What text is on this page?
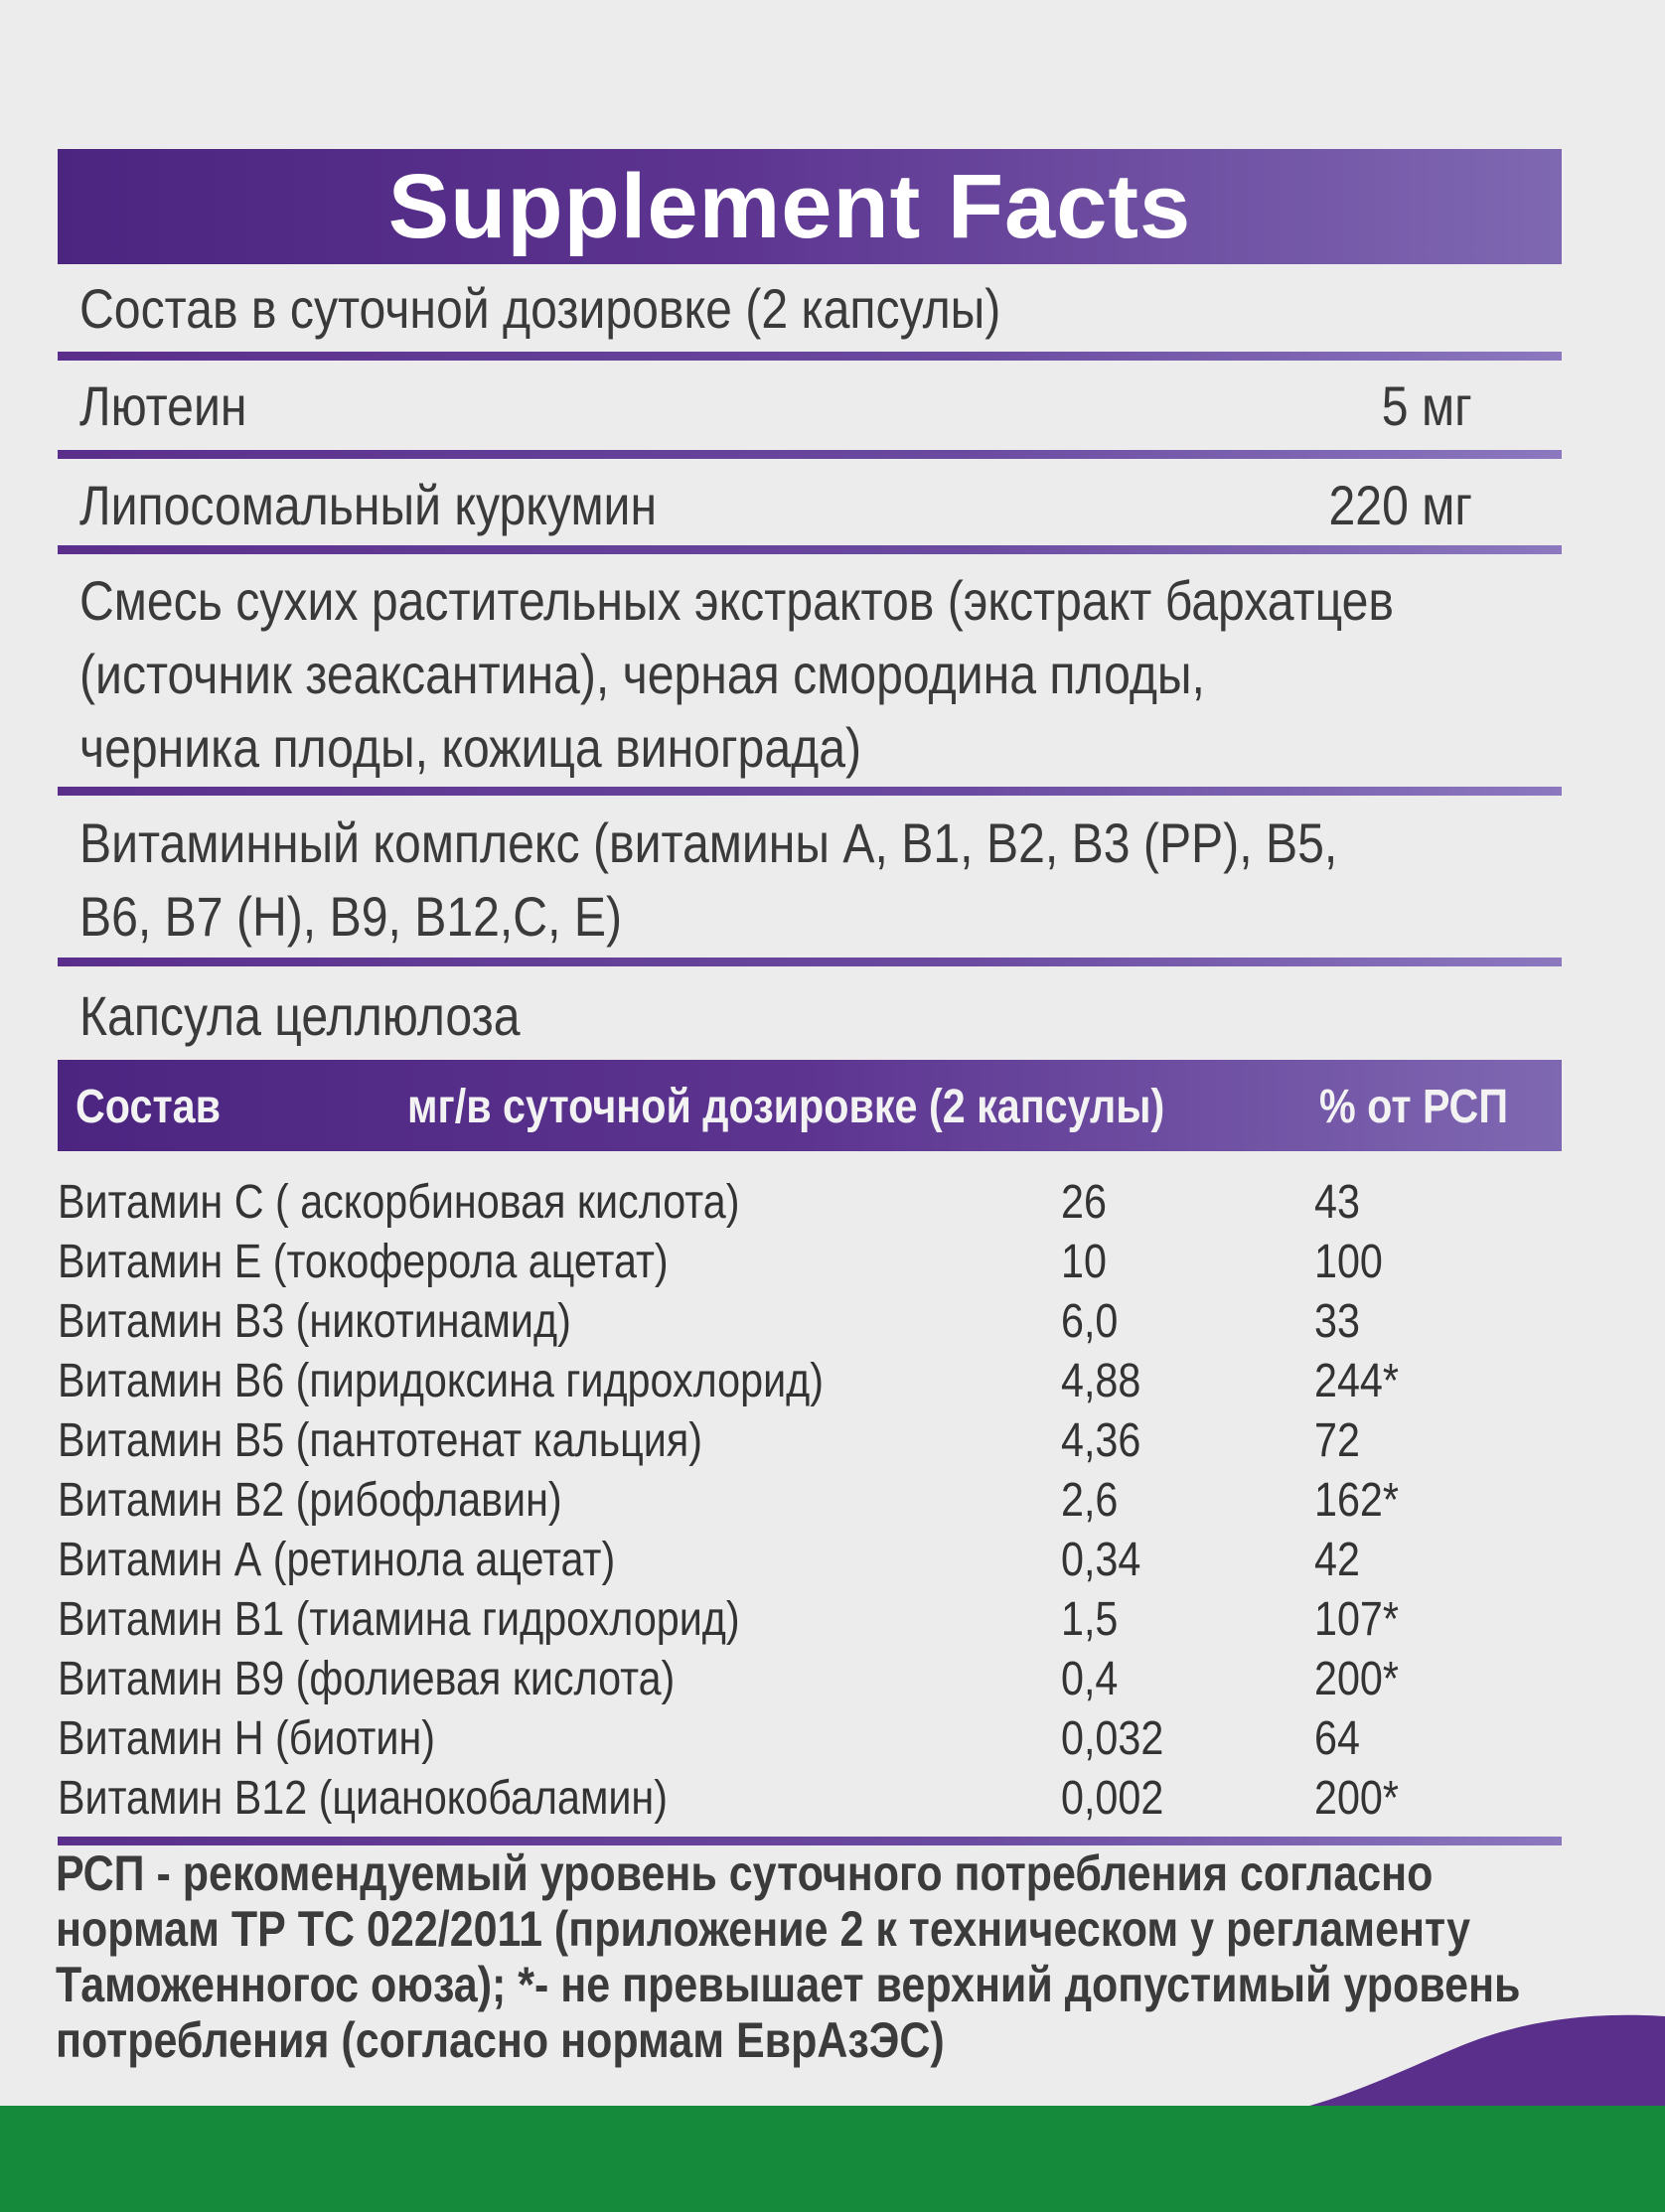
Supplement Facts
Состав в суточной дозировке (2 капсулы)
Лютеин	5 мг
Липосомальный куркумин	220 мг
Смесь сухих растительных экстрактов (экстракт бархатцев
(источник зеаксантина), черная смородина плоды,
черника плоды, кожица винограда)
Витаминный комплекс (витамины А, В1, В2, В3 (PP), В5,
В6, В7 (Н), В9, В12,С, Е)
Капсула целлюлоза
Состав	мг/в суточной дозировке (2 капсулы)	% от РСП
Витамин С ( аскорбиновая кислота)	26	43
Витамин Е (токоферола ацетат)	10	100
Витамин В3 (никотинамид)	6,0	33
Витамин В6 (пиридоксина гидрохлорид)	4,88	244*
Витамин В5 (пантотенат кальция)	4,36	72
Витамин В2 (рибофлавин)	2,6	162*
Витамин А (ретинола ацетат)	0,34	42
Витамин В1 (тиамина гидрохлорид)	1,5	107*
Витамин В9 (фолиевая кислота)	0,4	200*
Витамин Н (биотин)	0,032	64
Витамин В12 (цианокобаламин)	0,002	200*
РСП - рекомендуемый уровень суточного потребления согласно
нормам ТР ТС 022/2011 (приложение 2 к техническом у регламенту
Таможенногос оюза); *- не превышает верхний допустимый уровень
потребления (согласно нормам ЕврАзЭС)
